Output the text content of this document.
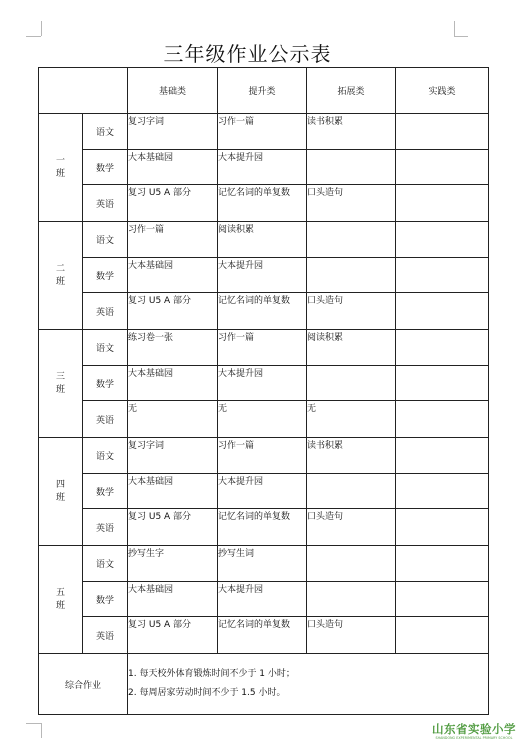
三年级作业公示表
		基础类	提升类	拓展类	实践类
一
班	语文	复习字词	习作一篇	读书积累	
	数学	大本基础园	大本提升园		
	英语	复习 U5 A 部分	记忆名词的单复数	口头造句	
二
班	语文	习作一篇	阅读积累		
	数学	大本基础园	大本提升园		
	英语	复习 U5 A 部分	记忆名词的单复数	口头造句	
三
班	语文	练习卷一张	习作一篇	阅读积累	
	数学	大本基础园	大本提升园		
	英语	无	无	无	
四
班	语文	复习字词	习作一篇	读书积累	
	数学	大本基础园	大本提升园		
	英语	复习 U5 A 部分	记忆名词的单复数	口头造句	
五
班	语文	抄写生字	抄写生词		
	数学	大本基础园	大本提升园		
	英语	复习 U5 A 部分	记忆名词的单复数	口头造句	
综合作业		1. 每天校外体育锻炼时间不少于 1 小时；
2. 每周居家劳动时间不少于 1.5 小时。			
山东省实验小学
SHANDONG EXPERIMENTAL PRIMARY SCHOOL
